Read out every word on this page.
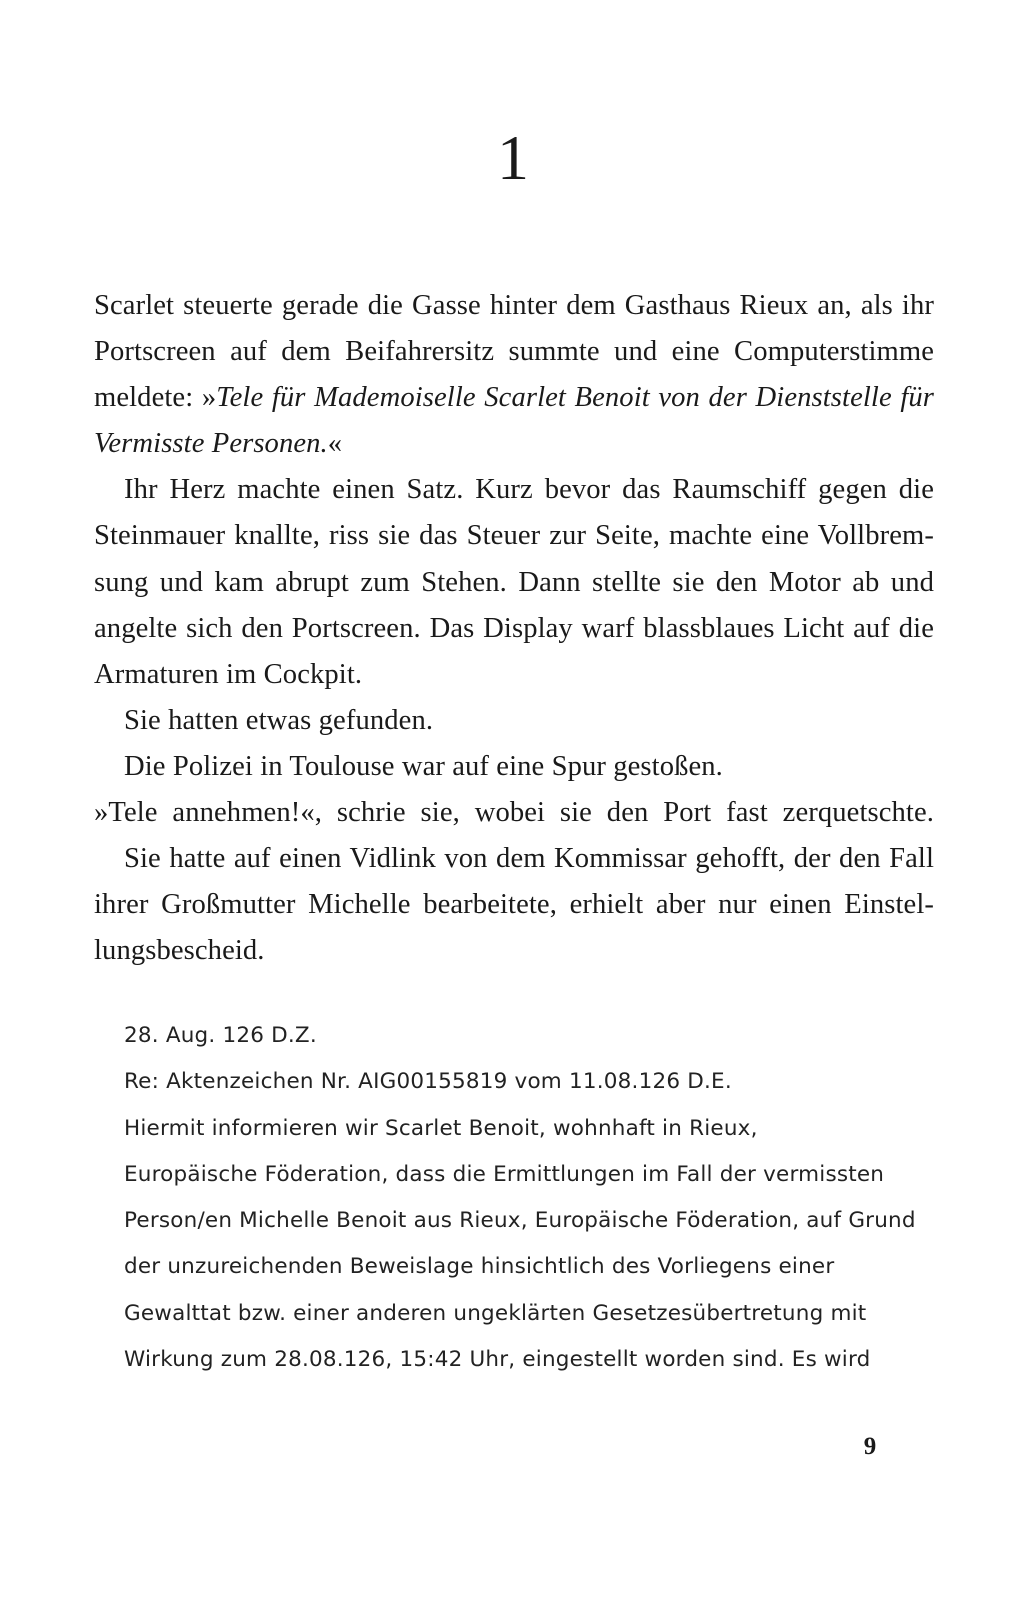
1
Scarlet steuerte gerade die Gasse hinter dem Gasthaus Rieux an, als ihr
Portscreen auf dem Beifahrersitz summte und eine Computerstimme
meldete: »Tele für Mademoiselle Scarlet Benoit von der Dienststelle für
Vermisste Personen.«
Ihr Herz machte einen Satz. Kurz bevor das Raumschiff gegen die
Steinmauer knallte, riss sie das Steuer zur Seite, machte eine Vollbrem-
sung und kam abrupt zum Stehen. Dann stellte sie den Motor ab und
angelte sich den Portscreen. Das Display warf blassblaues Licht auf die
Armaturen im Cockpit.
Sie hatten etwas gefunden.
Die Polizei in Toulouse war auf eine Spur gestoßen.
»Tele annehmen!«, schrie sie, wobei sie den Port fast zerquetschte.
Sie hatte auf einen Vidlink von dem Kommissar gehofft, der den Fall
ihrer Großmutter Michelle bearbeitete, erhielt aber nur einen Einstel-
lungsbescheid.
28. Aug. 126 D.Z.
Re: Aktenzeichen Nr. AIG00155819 vom 11.08.126 D.E.
Hiermit informieren wir Scarlet Benoit, wohnhaft in Rieux,
Europäische Föderation, dass die Ermittlungen im Fall der vermissten
Person/en Michelle Benoit aus Rieux, Europäische Föderation, auf Grund
der unzureichenden Beweislage hinsichtlich des Vorliegens einer
Gewalttat bzw. einer anderen ungeklärten Gesetzesübertretung mit
Wirkung zum 28.08.126, 15:42 Uhr, eingestellt worden sind. Es wird
9
